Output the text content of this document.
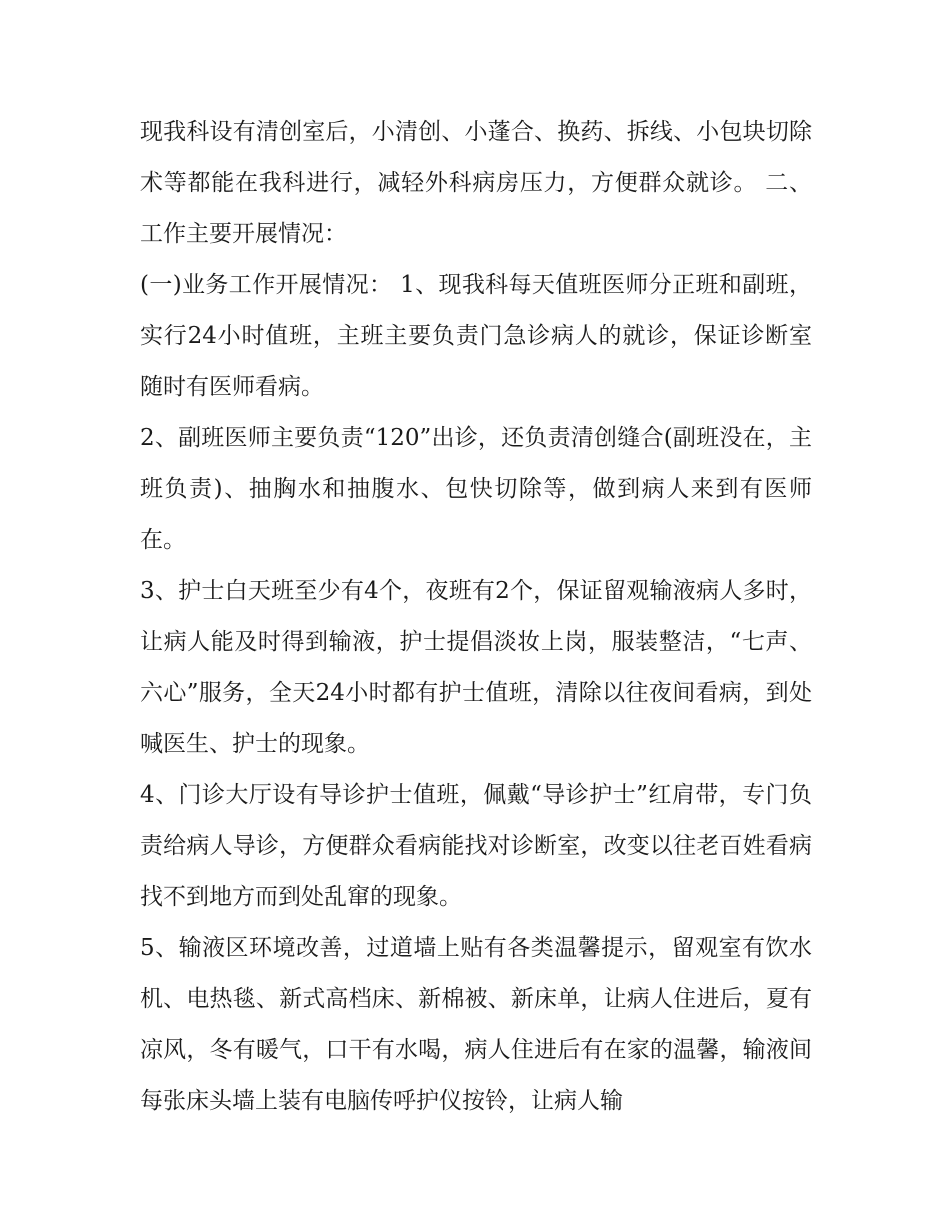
现我科设有清创室后，小清创、小蓬合、换药、拆线、小包块切除术等都能在我科进行，减轻外科病房压力，方便群众就诊。 二、工作主要开展情况：

(一)业务工作开展情况： 1、现我科每天值班医师分正班和副班，实行24小时值班，主班主要负责门急诊病人的就诊，保证诊断室随时有医师看病。

2、副班医师主要负责“120”出诊，还负责清创缝合(副班没在，主班负责)、抽胸水和抽腹水、包快切除等，做到病人来到有医师在。

3、护士白天班至少有4个，夜班有2个，保证留观输液病人多时，让病人能及时得到输液，护士提倡淡妆上岗，服装整洁，“七声、六心”服务，全天24小时都有护士值班，清除以往夜间看病，到处喊医生、护士的现象。

4、门诊大厅设有导诊护士值班，佩戴“导诊护士”红肩带，专门负责给病人导诊，方便群众看病能找对诊断室，改变以往老百姓看病找不到地方而到处乱窜的现象。

5、输液区环境改善，过道墙上贴有各类温馨提示，留观室有饮水机、电热毯、新式高档床、新棉被、新床单，让病人住进后，夏有凉风，冬有暖气，口干有水喝，病人住进后有在家的温馨，输液间每张床头墙上装有电脑传呼护仪按铃，让病人输
